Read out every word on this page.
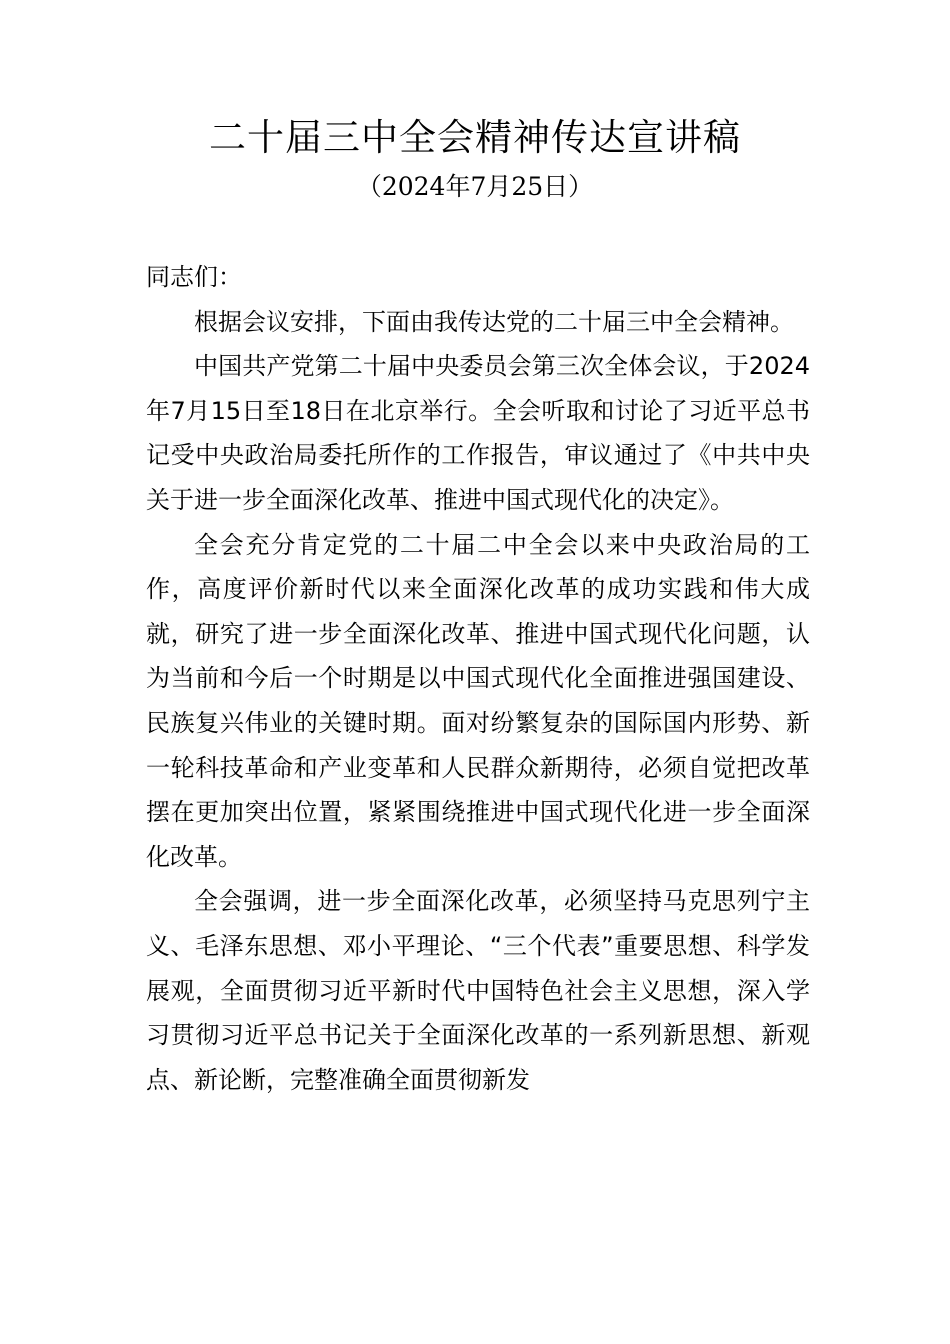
二十届三中全会精神传达宣讲稿
（2024年7月25日）

同志们：

根据会议安排，下面由我传达党的二十届三中全会精神。

中国共产党第二十届中央委员会第三次全体会议，于2024年7月15日至18日在北京举行。全会听取和讨论了习近平总书记受中央政治局委托所作的工作报告，审议通过了《中共中央关于进一步全面深化改革、推进中国式现代化的决定》。

全会充分肯定党的二十届二中全会以来中央政治局的工作，高度评价新时代以来全面深化改革的成功实践和伟大成就，研究了进一步全面深化改革、推进中国式现代化问题，认为当前和今后一个时期是以中国式现代化全面推进强国建设、民族复兴伟业的关键时期。面对纷繁复杂的国际国内形势、新一轮科技革命和产业变革和人民群众新期待，必须自觉把改革摆在更加突出位置，紧紧围绕推进中国式现代化进一步全面深化改革。

全会强调，进一步全面深化改革，必须坚持马克思列宁主义、毛泽东思想、邓小平理论、“三个代表”重要思想、科学发展观，全面贯彻习近平新时代中国特色社会主义思想，深入学习贯彻习近平总书记关于全面深化改革的一系列新思想、新观点、新论断，完整准确全面贯彻新发
